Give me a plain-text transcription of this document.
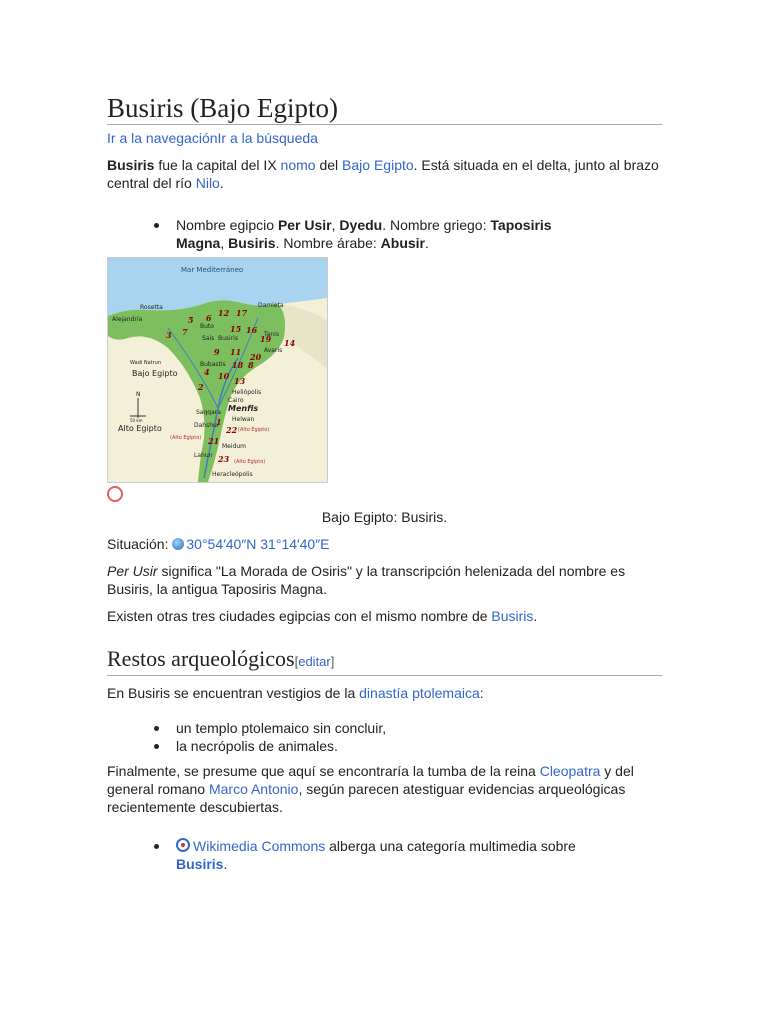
Busiris (Bajo Egipto)
Ir a la navegaciónIr a la búsqueda

Busiris fue la capital del IX nomo del Bajo Egipto. Está situada en el delta, junto al brazo central del río Nilo.

Nombre egipcio Per Usir, Dyedu. Nombre griego: Taposiris Magna, Busiris. Nombre árabe: Abusir.
Mar Mediterráneo
Rosetta	Damieta
Alejandría
Buto
Sais Busiris
Tanis
Avaris
Bubastis
Wadi Natrun
Bajo Egipto
Heliópolis
Cairo
Menfis
Saqqara
Helwan
Dahshur
Alto Egipto
(Alto Egipto)
(Alto Egipto)
(Alto Egipto)
Meidum
Lahun
Heracleópolis
50 km
N
5 6 12 17
7
3
15 16
19 14
9 11 20
4
18 8
10 13
2
1
22
21
23
Bajo Egipto: Busiris.

Situación: 30°54′40″N 31°14′40″E

Per Usir significa "La Morada de Osiris" y la transcripción helenizada del nombre es Busiris, la antigua Taposiris Magna.

Existen otras tres ciudades egipcias con el mismo nombre de Busiris.

Restos arqueológicos[editar]

En Busiris se encuentran vestigios de la dinastía ptolemaica:

un templo ptolemaico sin concluir,
la necrópolis de animales.

Finalmente, se presume que aquí se encontraría la tumba de la reina Cleopatra y del general romano Marco Antonio, según parecen atestiguar evidencias arqueológicas recientemente descubiertas.

Wikimedia Commons alberga una categoría multimedia sobre Busiris.
